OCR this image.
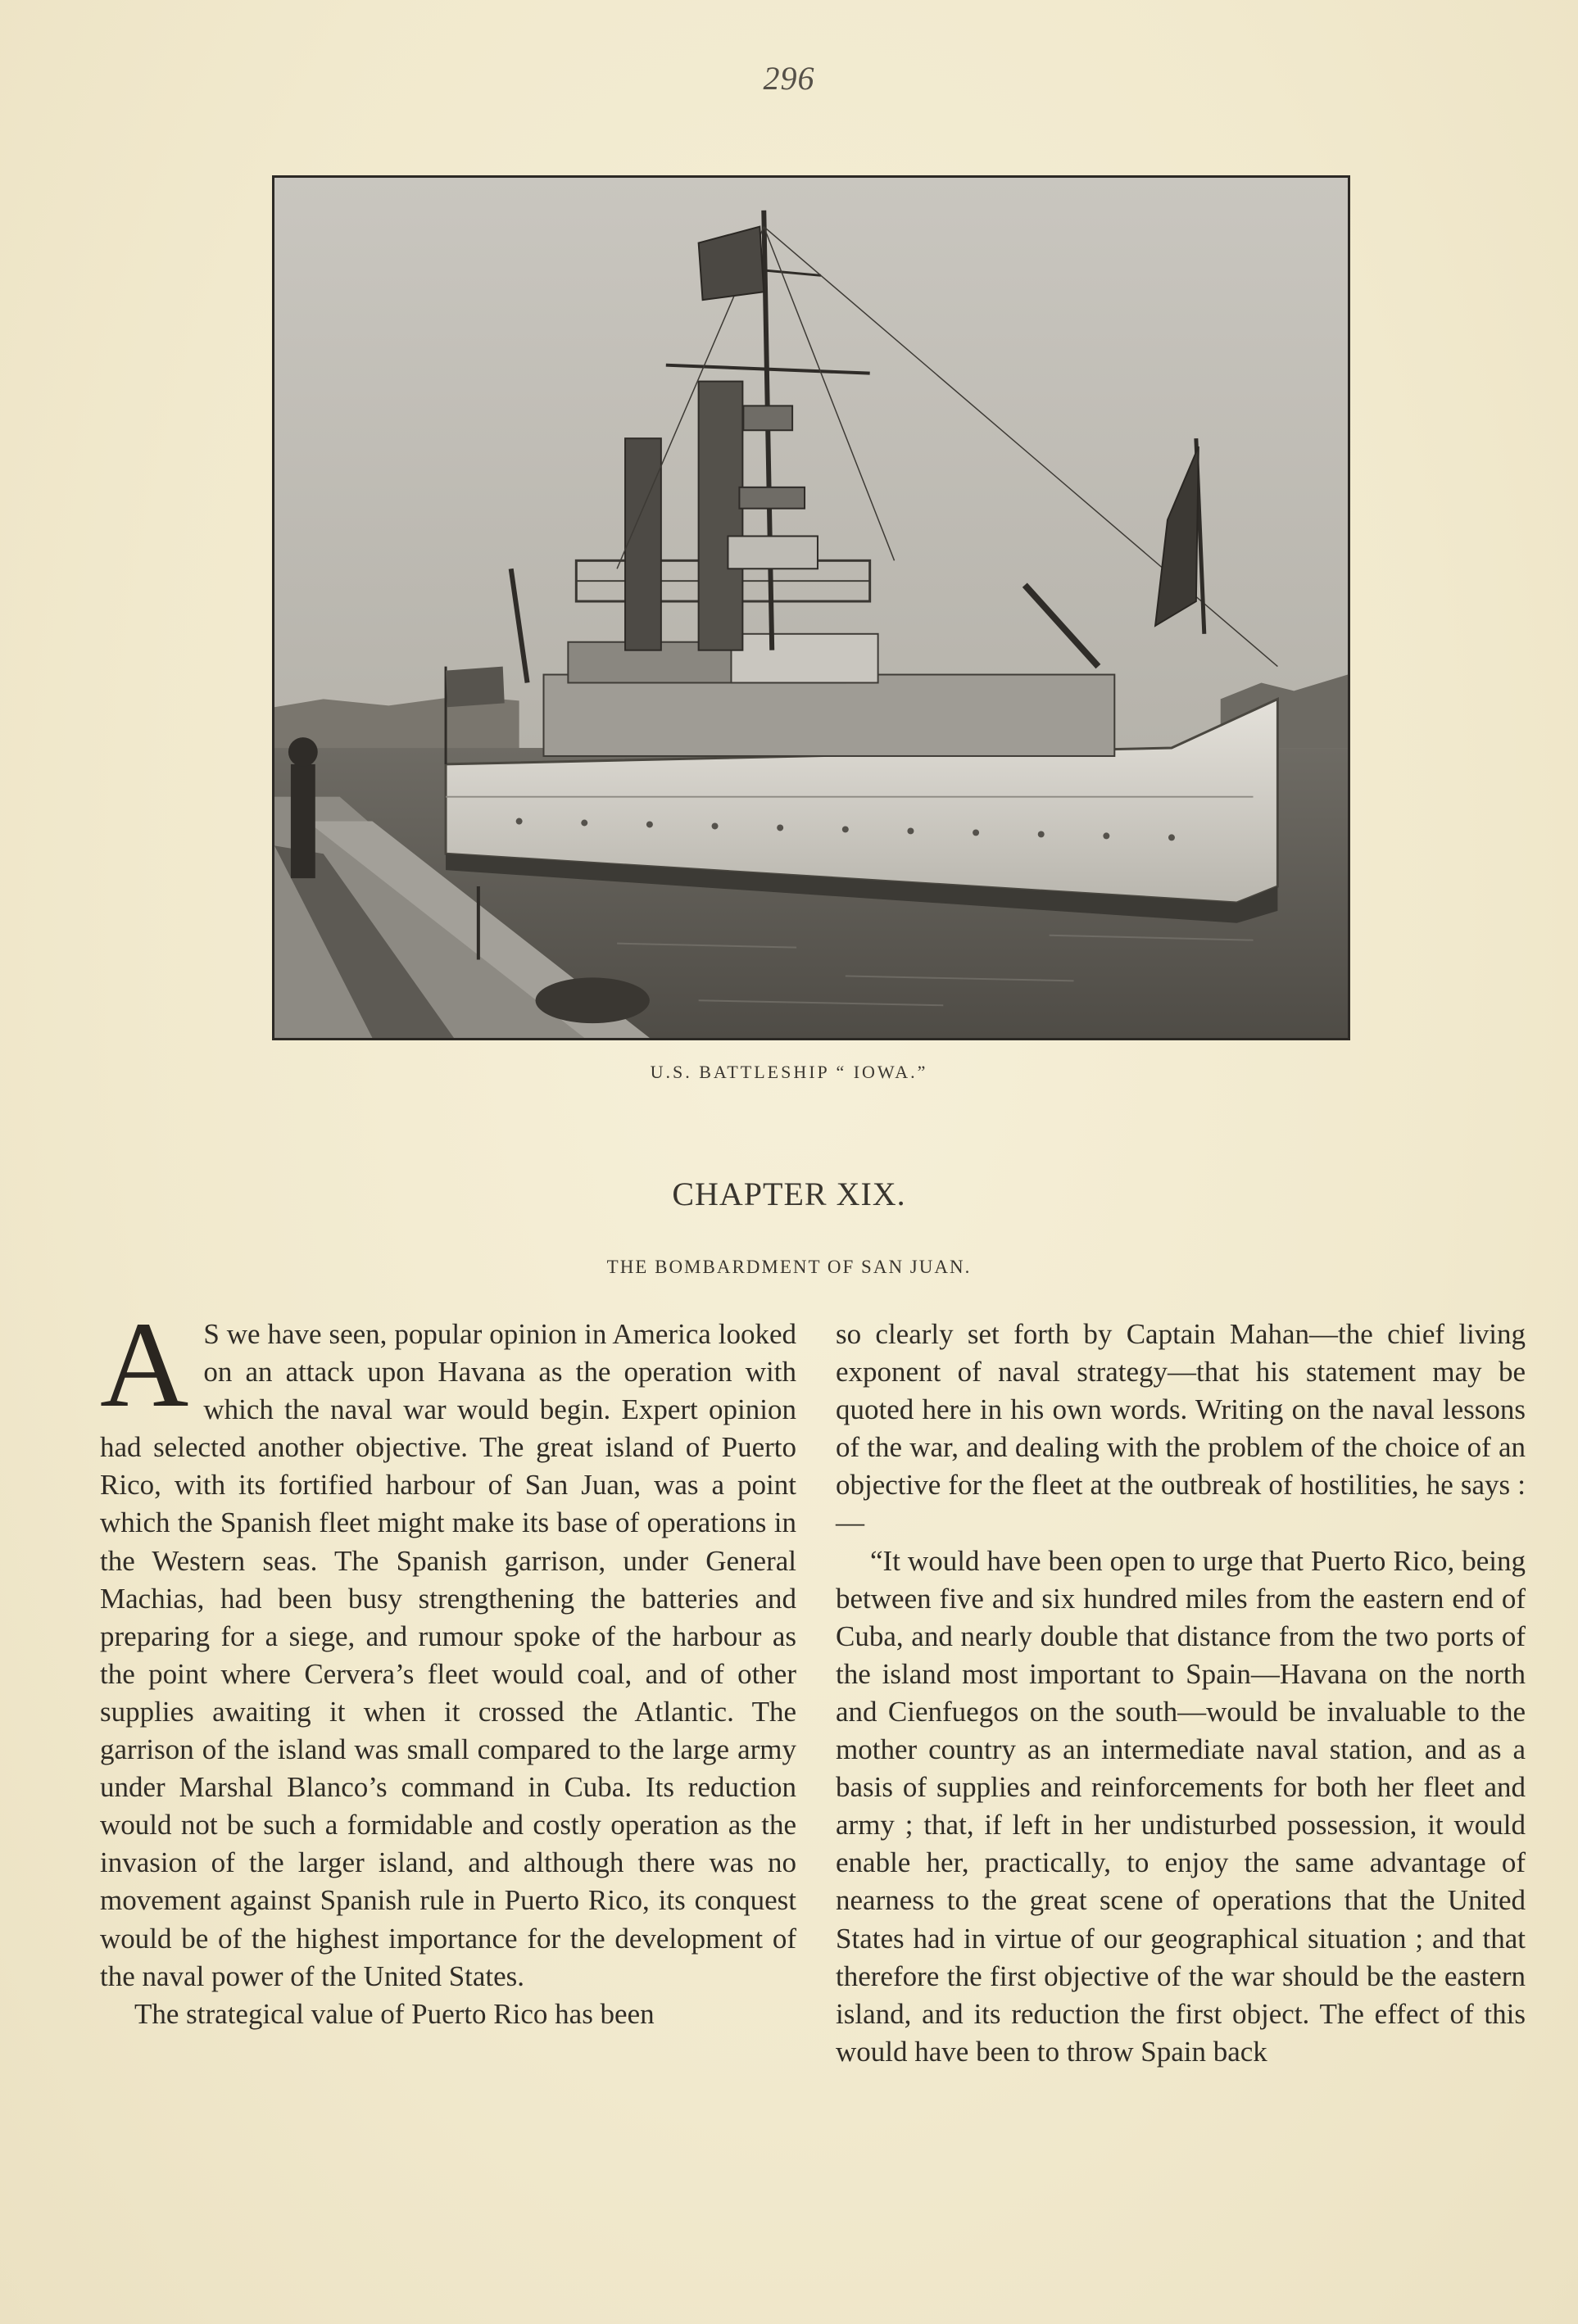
296
U.S. BATTLESHIP “ IOWA.”
CHAPTER XIX.
THE BOMBARDMENT OF SAN JUAN.

A S we have seen, popular opinion in America looked on an attack upon Havana as the operation with which the naval war would begin. Expert opinion had selected another objective. The great island of Puerto Rico, with its fortified harbour of San Juan, was a point which the Spanish fleet might make its base of operations in the Western seas. The Spanish garrison, under General Machias, had been busy strengthening the batteries and preparing for a siege, and rumour spoke of the harbour as the point where Cervera’s fleet would coal, and of other supplies awaiting it when it crossed the Atlantic. The garrison of the island was small compared to the large army under Marshal Blanco’s command in Cuba. Its reduction would not be such a formidable and costly operation as the invasion of the larger island, and although there was no movement against Spanish rule in Puerto Rico, its conquest would be of the highest importance for the development of the naval power of the United States.

The strategical value of Puerto Rico has been

so clearly set forth by Captain Mahan—the chief living exponent of naval strategy—that his statement may be quoted here in his own words. Writing on the naval lessons of the war, and dealing with the problem of the choice of an objective for the fleet at the outbreak of hostilities, he says :—

“It would have been open to urge that Puerto Rico, being between five and six hundred miles from the eastern end of Cuba, and nearly double that distance from the two ports of the island most important to Spain—Havana on the north and Cienfuegos on the south—would be invaluable to the mother country as an intermediate naval station, and as a basis of supplies and reinforcements for both her fleet and army ; that, if left in her undisturbed possession, it would enable her, practically, to enjoy the same advantage of nearness to the great scene of operations that the United States had in virtue of our geographical situation ; and that therefore the first objective of the war should be the eastern island, and its reduction the first object. The effect of this would have been to throw Spain back
